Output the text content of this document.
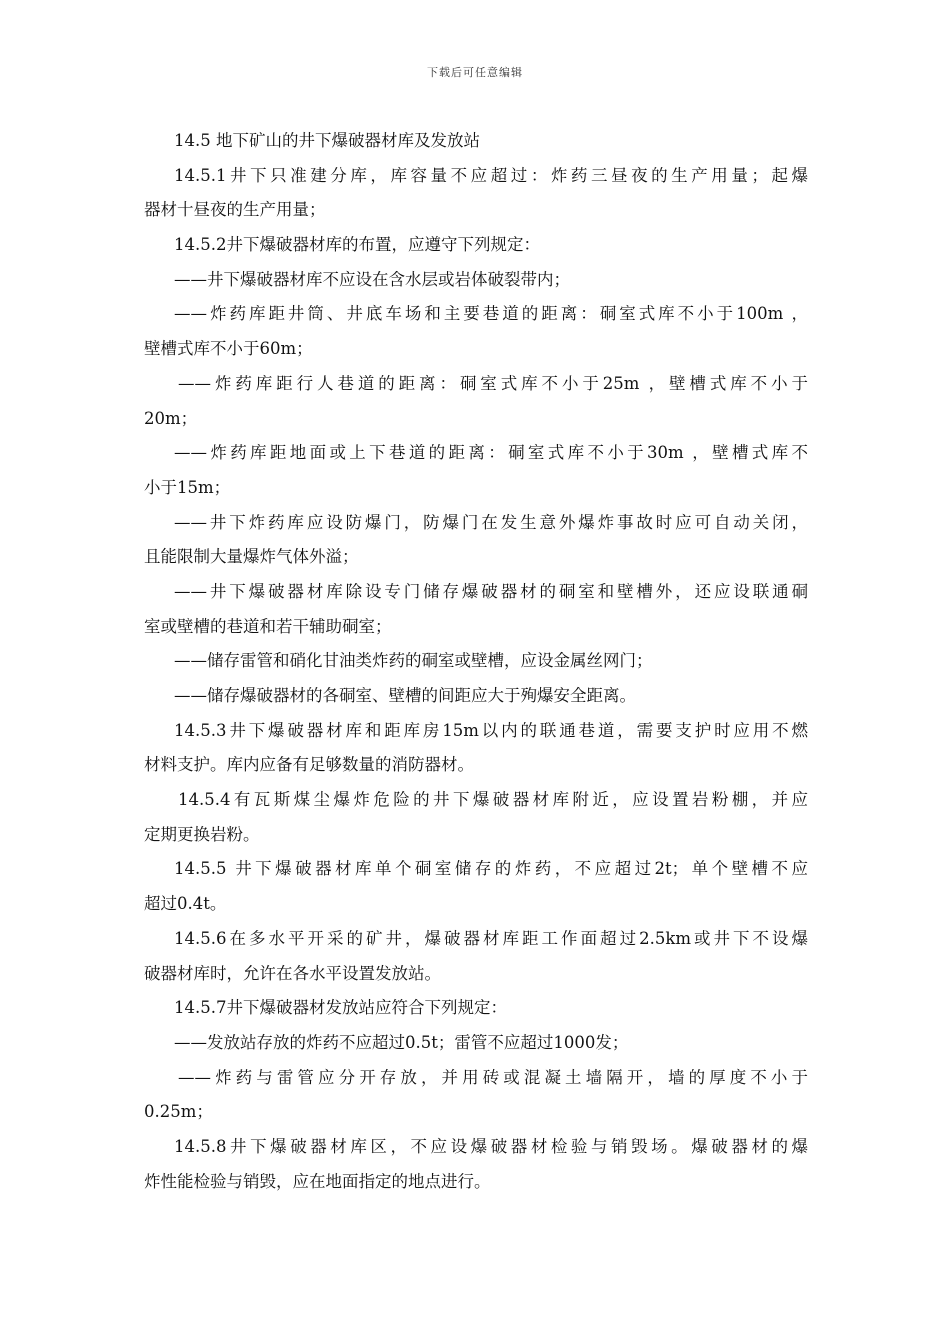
下载后可任意编辑
14.5 地下矿山的井下爆破器材库及发放站
14.5.1井下只准建分库，库容量不应超过：炸药三昼夜的生产用量；起爆
器材十昼夜的生产用量；
14.5.2井下爆破器材库的布置，应遵守下列规定：
——井下爆破器材库不应设在含水层或岩体破裂带内；
——炸药库距井筒、井底车场和主要巷道的距离：硐室式库不小于100m ，
壁槽式库不小于60m；
——炸药库距行人巷道的距离：硐室式库不小于25m ，壁槽式库不小于
20m；
——炸药库距地面或上下巷道的距离：硐室式库不小于30m ，壁槽式库不
小于15m；
——井下炸药库应设防爆门，防爆门在发生意外爆炸事故时应可自动关闭，
且能限制大量爆炸气体外溢；
——井下爆破器材库除设专门储存爆破器材的硐室和壁槽外，还应设联通硐
室或壁槽的巷道和若干辅助硐室；
——储存雷管和硝化甘油类炸药的硐室或壁槽，应设金属丝网门；
——储存爆破器材的各硐室、壁槽的间距应大于殉爆安全距离。
14.5.3井下爆破器材库和距库房15m以内的联通巷道，需要支护时应用不燃
材料支护。库内应备有足够数量的消防器材。
14.5.4有瓦斯煤尘爆炸危险的井下爆破器材库附近，应设置岩粉棚，并应
定期更换岩粉。
14.5.5 井下爆破器材库单个硐室储存的炸药，不应超过2t；单个壁槽不应
超过0.4t。
14.5.6在多水平开采的矿井，爆破器材库距工作面超过2.5km或井下不设爆
破器材库时，允许在各水平设置发放站。
14.5.7井下爆破器材发放站应符合下列规定：
——发放站存放的炸药不应超过0.5t；雷管不应超过1000发；
——炸药与雷管应分开存放，并用砖或混凝土墙隔开，墙的厚度不小于
0.25m；
14.5.8井下爆破器材库区，不应设爆破器材检验与销毁场。爆破器材的爆
炸性能检验与销毁，应在地面指定的地点进行。
